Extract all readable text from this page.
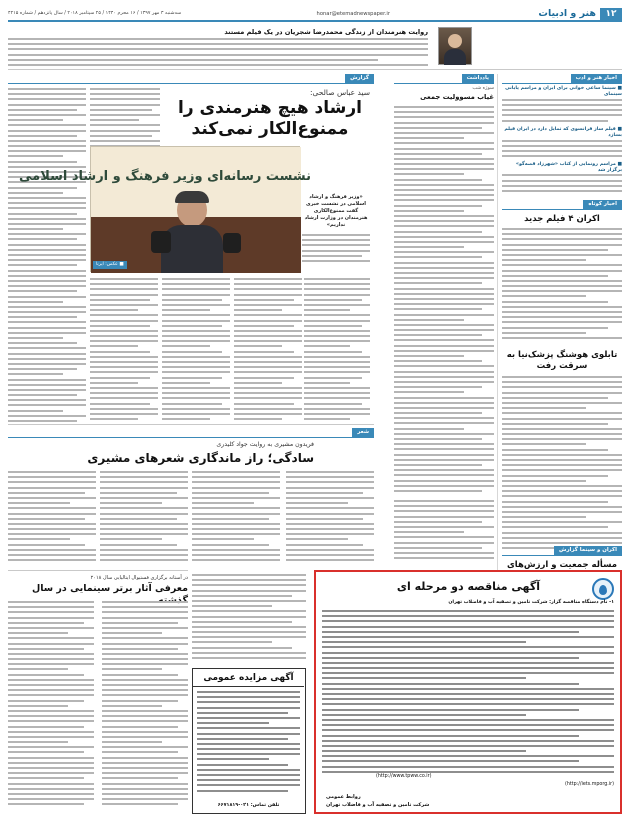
۱۲
هنر و ادبیات
honar@etemadnewspaper.ir
سه‌شنبه ۳ مهر ۱۳۹۷ / ۱۶ محرم ۱۴۴۰ / ۲۵ سپتامبر ۲۰۱۸ / سال پانزدهم / شماره ۴۲۱۵
روایت هنرمندان از زندگی محمدرضا شجریان در یک فیلم مستند
اخبار هنر و ادب
■ سینما ساعی خوانی برای ایران و مراسم پایانی سینمای
■ فیلم ساز فرانسوی که تمایل دارد در ایران فیلم بسازد
■ مراسم رونمایی از کتاب «شهرزاد قصه‌گو» برگزار شد
اخبار کوتاه
اکران ۴ فیلم جدید
تابلوی هوشنگ پزشک‌نیا به سرقت رفت
اکران و سینما گزارش
مسأله جمعیت و ارزش‌های
یادداشت
سوژه شب
غیاب مسوولیت جمعی
گزارش
سید عباس صالحی:
ارشاد هیچ هنرمندی را
ممنوع‌الکار نمی‌کند
نشست رسانه‌ای وزیر فرهنگ و ارشاد اسلامی
■ عکس: ایرنا
«وزیر فرهنگ و ارشاد اسلامی در نشست خبری گفت ممنوع‌الکاری هنرمندان در وزارت ارشاد نداریم»
شعر
فریدون مشیری به روایت جواد کلیدری
سادگی؛ راز ماندگاری شعرهای مشیری
در آستانه برگزاری فستیوال ایتالیایی سال ۲۰۱۸
معرفی آثار برتر سینمایی در سال
آگهی مزایده عمومی
تلفن تماس: ۰۲۱-۶۶۷۱۸۱۹
آگهی مناقصه دو مرحله ای
۱- نام دستگاه مناقصه گزار: شرکت تامین و تصفیه آب و فاضلاب تهران
(http://www.tpww.co.ir)
(http://iets.mporg.ir)
روابط عمومی
شرکت تامین و تصفیه آب و فاضلاب تهران
